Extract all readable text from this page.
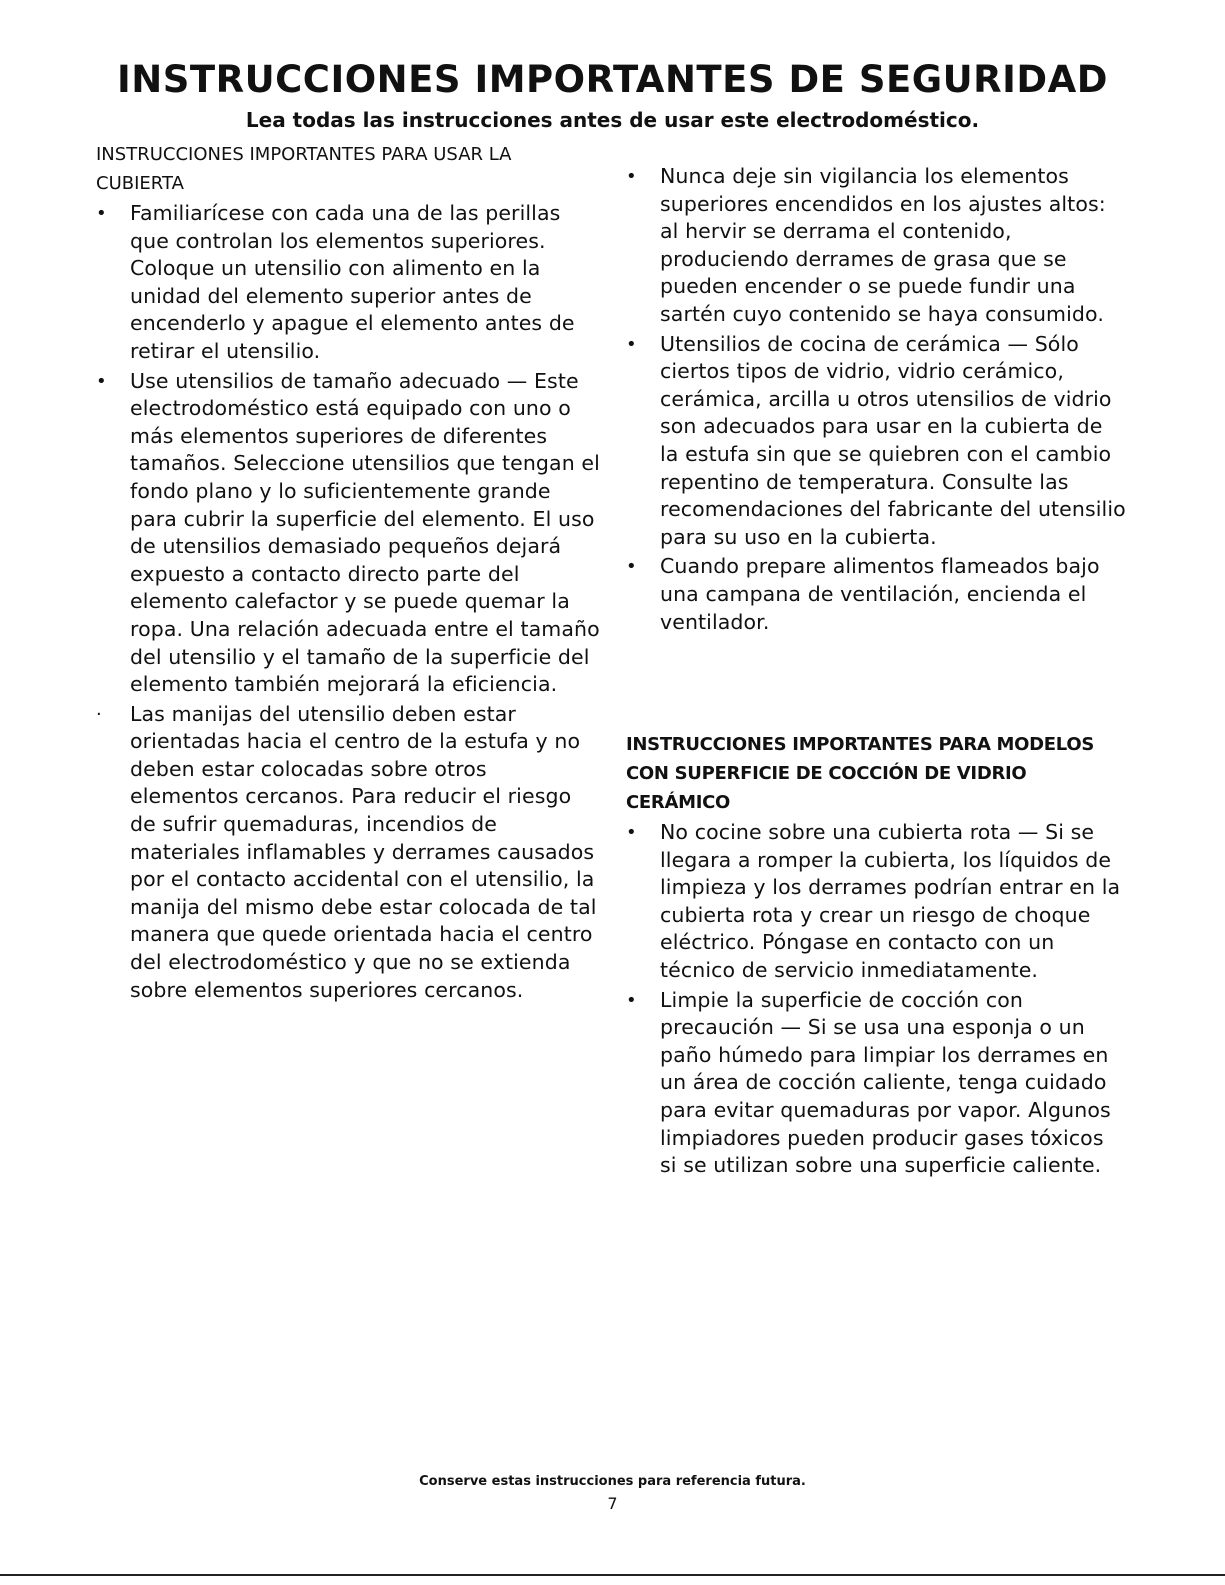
INSTRUCCIONES IMPORTANTES DE SEGURIDAD

Lea todas las instrucciones antes de usar este electrodoméstico.

INSTRUCCIONES IMPORTANTES PARA USAR LA CUBIERTA

•	Familiarícese con cada una de las perillas que controlan los elementos superiores. Coloque un utensilio con alimento en la unidad del elemento superior antes de encenderlo y apague el elemento antes de retirar el utensilio.
•	Use utensilios de tamaño adecuado — Este electrodoméstico está equipado con uno o más elementos superiores de diferentes tamaños. Seleccione utensilios que tengan el fondo plano y lo suficientemente grande para cubrir la superficie del elemento. El uso de utensilios demasiado pequeños dejará expuesto a contacto directo parte del elemento calefactor y se puede quemar la ropa. Una relación adecuada entre el tamaño del utensilio y el tamaño de la superficie del elemento también mejorará la eficiencia.
·	Las manijas del utensilio deben estar orientadas hacia el centro de la estufa y no deben estar colocadas sobre otros elementos cercanos. Para reducir el riesgo de sufrir quemaduras, incendios de materiales inflamables y derrames causados por el contacto accidental con el utensilio, la manija del mismo debe estar colocada de tal manera que quede orientada hacia el centro del electrodoméstico y que no se extienda sobre elementos superiores cercanos.
•	Nunca deje sin vigilancia los elementos superiores encendidos en los ajustes altos: al hervir se derrama el contenido, produciendo derrames de grasa que se pueden encender o se puede fundir una sartén cuyo contenido se haya consumido.
•	Utensilios de cocina de cerámica — Sólo ciertos tipos de vidrio, vidrio cerámico, cerámica, arcilla u otros utensilios de vidrio son adecuados para usar en la cubierta de la estufa sin que se quiebren con el cambio repentino de temperatura. Consulte las recomendaciones del fabricante del utensilio para su uso en la cubierta.
•	Cuando prepare alimentos flameados bajo una campana de ventilación, encienda el ventilador.

INSTRUCCIONES IMPORTANTES PARA MODELOS CON SUPERFICIE DE COCCIÓN DE VIDRIO CERÁMICO

•	No cocine sobre una cubierta rota — Si se llegara a romper la cubierta, los líquidos de limpieza y los derrames podrían entrar en la cubierta rota y crear un riesgo de choque eléctrico. Póngase en contacto con un técnico de servicio inmediatamente.
•	Limpie la superficie de cocción con precaución — Si se usa una esponja o un paño húmedo para limpiar los derrames en un área de cocción caliente, tenga cuidado para evitar quemaduras por vapor. Algunos limpiadores pueden producir gases tóxicos si se utilizan sobre una superficie caliente.

Conserve estas instrucciones para referencia futura.

7
